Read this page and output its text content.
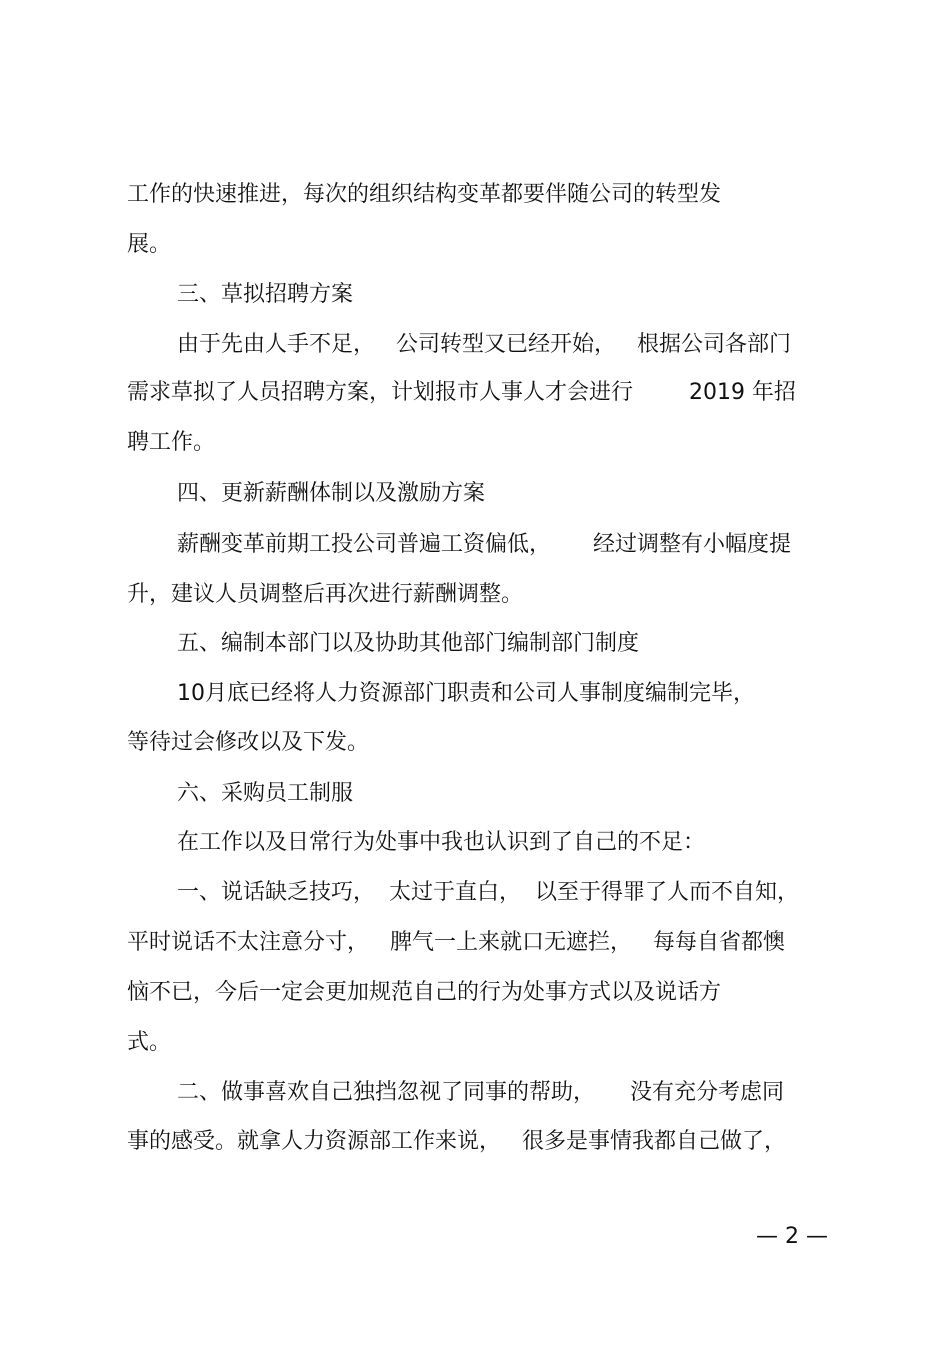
工作的快速推进，每次的组织结构变革都要伴随公司的转型发
展。
三、草拟招聘方案
由于先由人手不足，   公司转型又已经开始，   根据公司各部门
需求草拟了人员招聘方案，计划报市人事人才会进行        2019 年招
聘工作。
四、更新薪酬体制以及激励方案
薪酬变革前期工投公司普遍工资偏低，      经过调整有小幅度提
升，建议人员调整后再次进行薪酬调整。
五、编制本部门以及协助其他部门编制部门制度
10月底已经将人力资源部门职责和公司人事制度编制完毕，
等待过会修改以及下发。
六、采购员工制服
在工作以及日常行为处事中我也认识到了自己的不足：
一、说话缺乏技巧，  太过于直白，  以至于得罪了人而不自知，
平时说话不太注意分寸，   脾气一上来就口无遮拦，   每每自省都懊
恼不已，今后一定会更加规范自己的行为处事方式以及说话方
式。
二、做事喜欢自己独挡忽视了同事的帮助，     没有充分考虑同
事的感受。就拿人力资源部工作来说，   很多是事情我都自己做了，
— 2 —
